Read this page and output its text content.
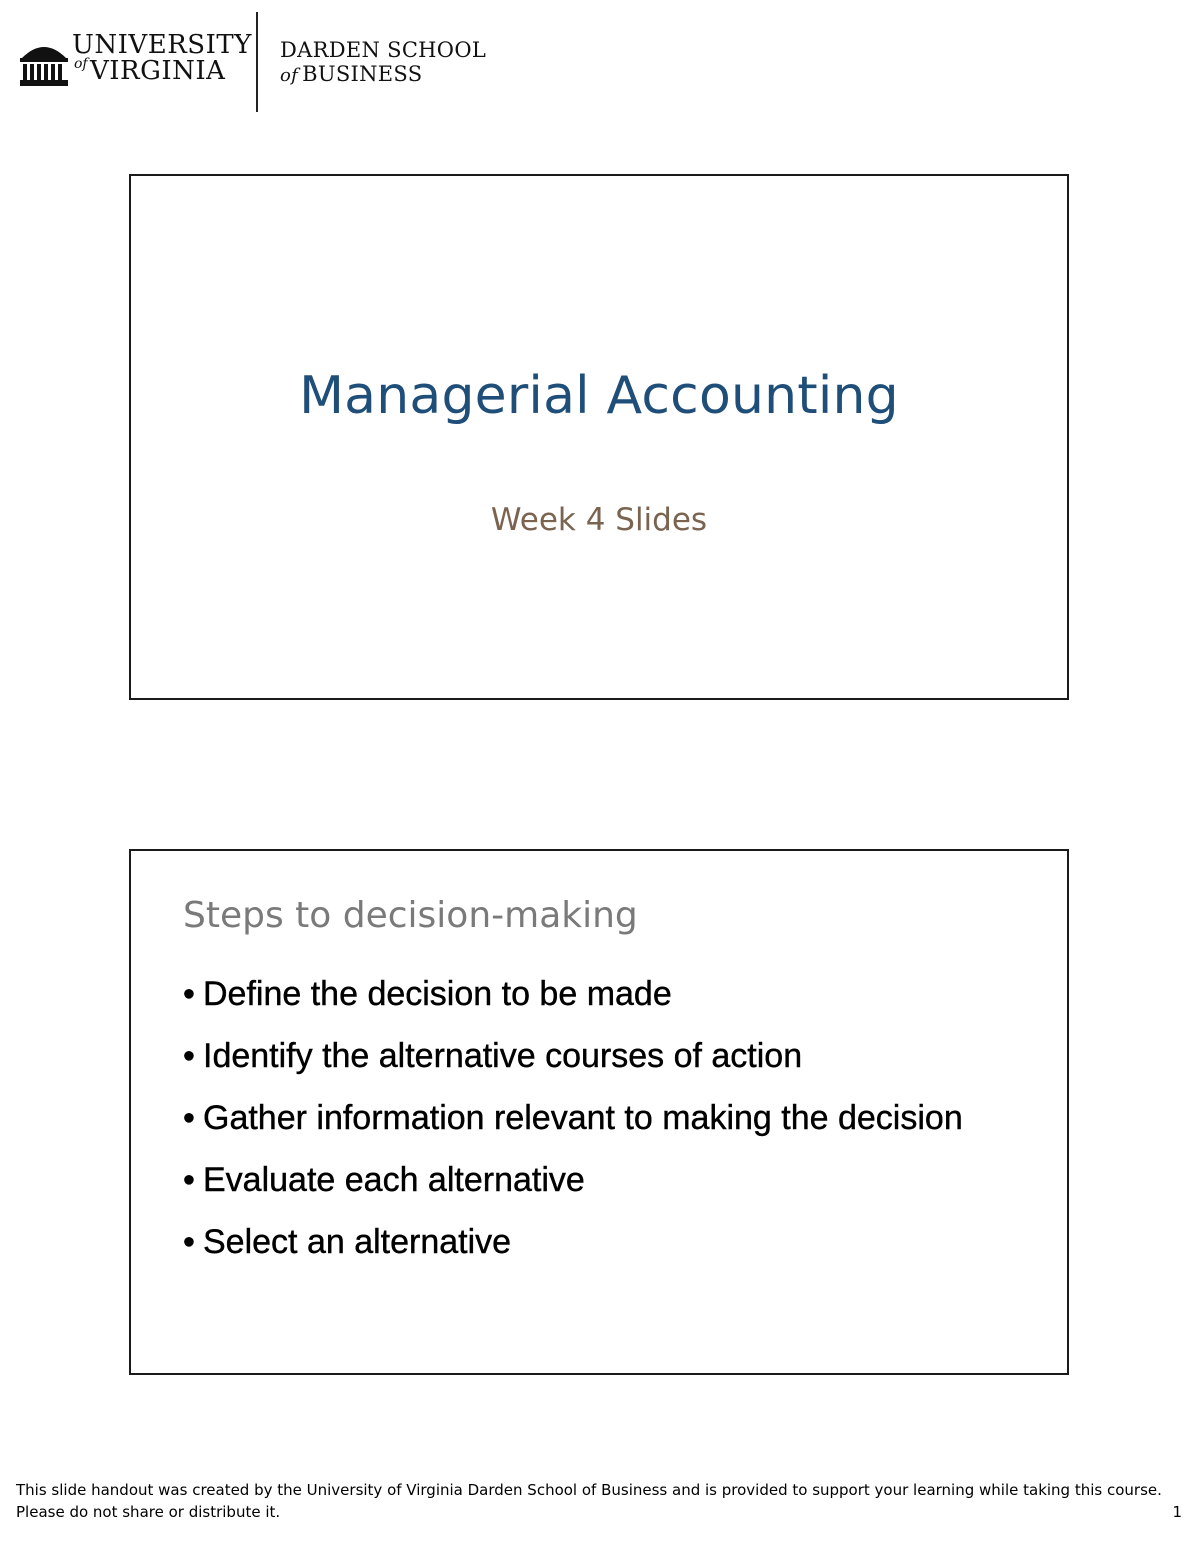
UNIVERSITY
VIRGINIA
of
DARDEN SCHOOL
of BUSINESS
Managerial Accounting
Week 4 Slides
Steps to decision-making
• Define the decision to be made
• Identify the alternative courses of action
• Gather information relevant to making the decision
• Evaluate each alternative
• Select an alternative
This slide handout was created by the University of Virginia Darden School of Business and is provided to support your learning while taking this course.
Please do not share or distribute it.	1
